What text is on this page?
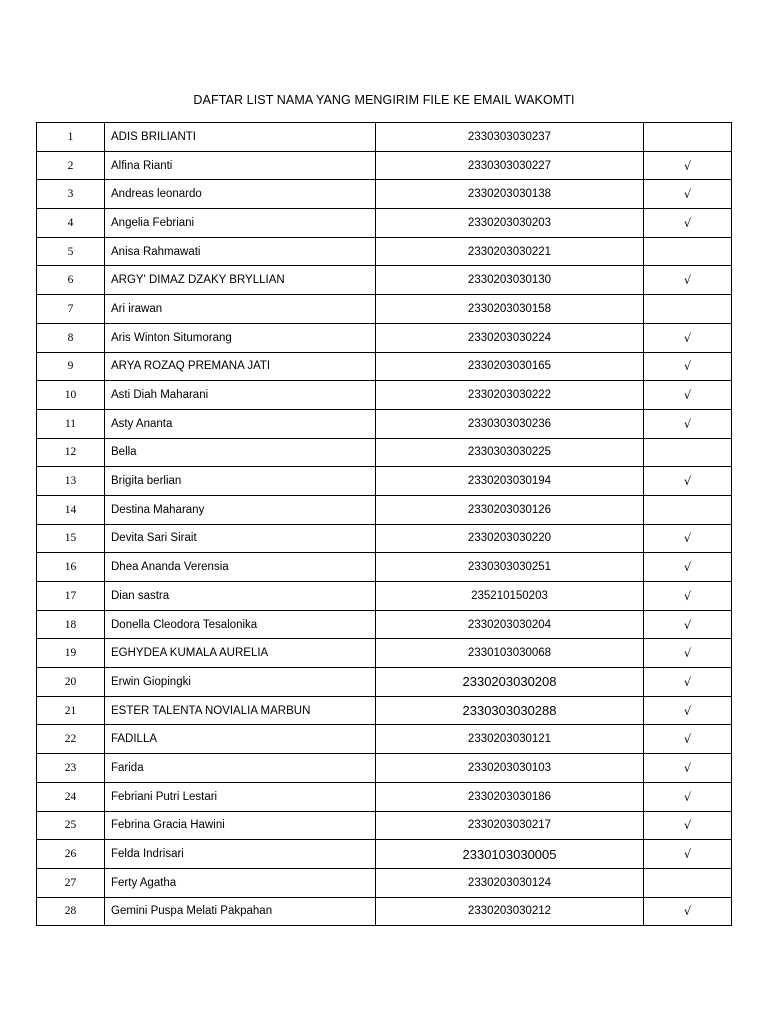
DAFTAR LIST NAMA YANG MENGIRIM FILE KE EMAIL WAKOMTI
1	ADIS BRILIANTI	2330303030237	
2	Alfina Rianti	2330303030227	√
3	Andreas leonardo	2330203030138	√
4	Angelia Febriani	2330203030203	√
5	Anisa Rahmawati	2330203030221	
6	ARGY' DIMAZ DZAKY BRYLLIAN	2330203030130	√
7	Ari irawan	2330203030158	
8	Aris Winton Situmorang	2330203030224	√
9	ARYA ROZAQ PREMANA JATI	2330203030165	√
10	Asti Diah Maharani	2330203030222	√
11	Asty Ananta	2330303030236	√
12	Bella	2330303030225	
13	Brigita berlian	2330203030194	√
14	Destina Maharany	2330203030126	
15	Devita Sari Sirait	2330203030220	√
16	Dhea Ananda Verensia	2330303030251	√
17	Dian sastra	235210150203	√
18	Donella Cleodora Tesalonika	2330203030204	√
19	EGHYDEA KUMALA AURELIA	2330103030068	√
20	Erwin Giopingki	2330203030208	√
21	ESTER TALENTA NOVIALIA MARBUN	2330303030288	√
22	FADILLA	2330203030121	√
23	Farida	2330203030103	√
24	Febriani Putri Lestari	2330203030186	√
25	Febrina Gracia Hawini	2330203030217	√
26	Felda Indrisari	2330103030005	√
27	Ferty Agatha	2330203030124	
28	Gemini Puspa Melati Pakpahan	2330203030212	√
